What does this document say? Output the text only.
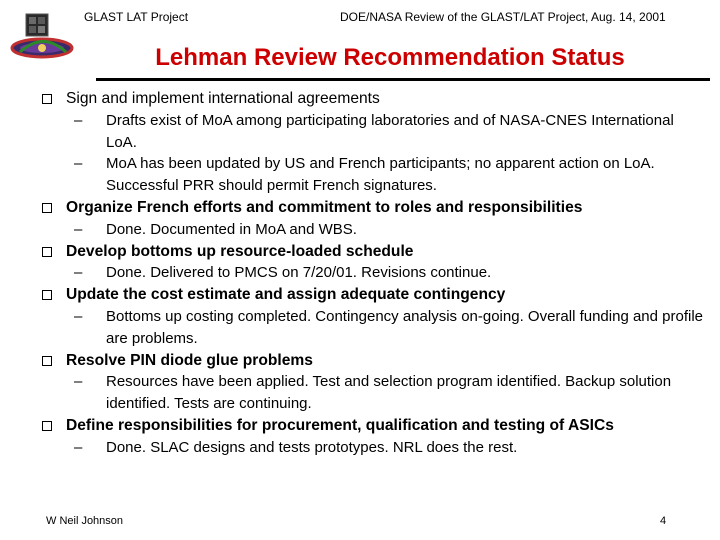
GLAST LAT Project	DOE/NASA Review of the GLAST/LAT Project, Aug. 14, 2001
Lehman Review Recommendation Status
Sign and implement international agreements
– Drafts exist of MoA among participating laboratories and of NASA-CNES International LoA.
– MoA has been updated by US and French participants; no apparent action on LoA. Successful PRR should permit French signatures.
Organize French efforts and commitment to roles and responsibilities
– Done. Documented in MoA and WBS.
Develop bottoms up resource-loaded schedule
– Done. Delivered to PMCS on 7/20/01. Revisions continue.
Update the cost estimate and assign adequate contingency
– Bottoms up costing completed. Contingency analysis on-going. Overall funding and profile are problems.
Resolve PIN diode glue problems
– Resources have been applied. Test and selection program identified. Backup solution identified. Tests are continuing.
Define responsibilities for procurement, qualification and testing of ASICs
– Done. SLAC designs and tests prototypes. NRL does the rest.
W Neil Johnson	4
